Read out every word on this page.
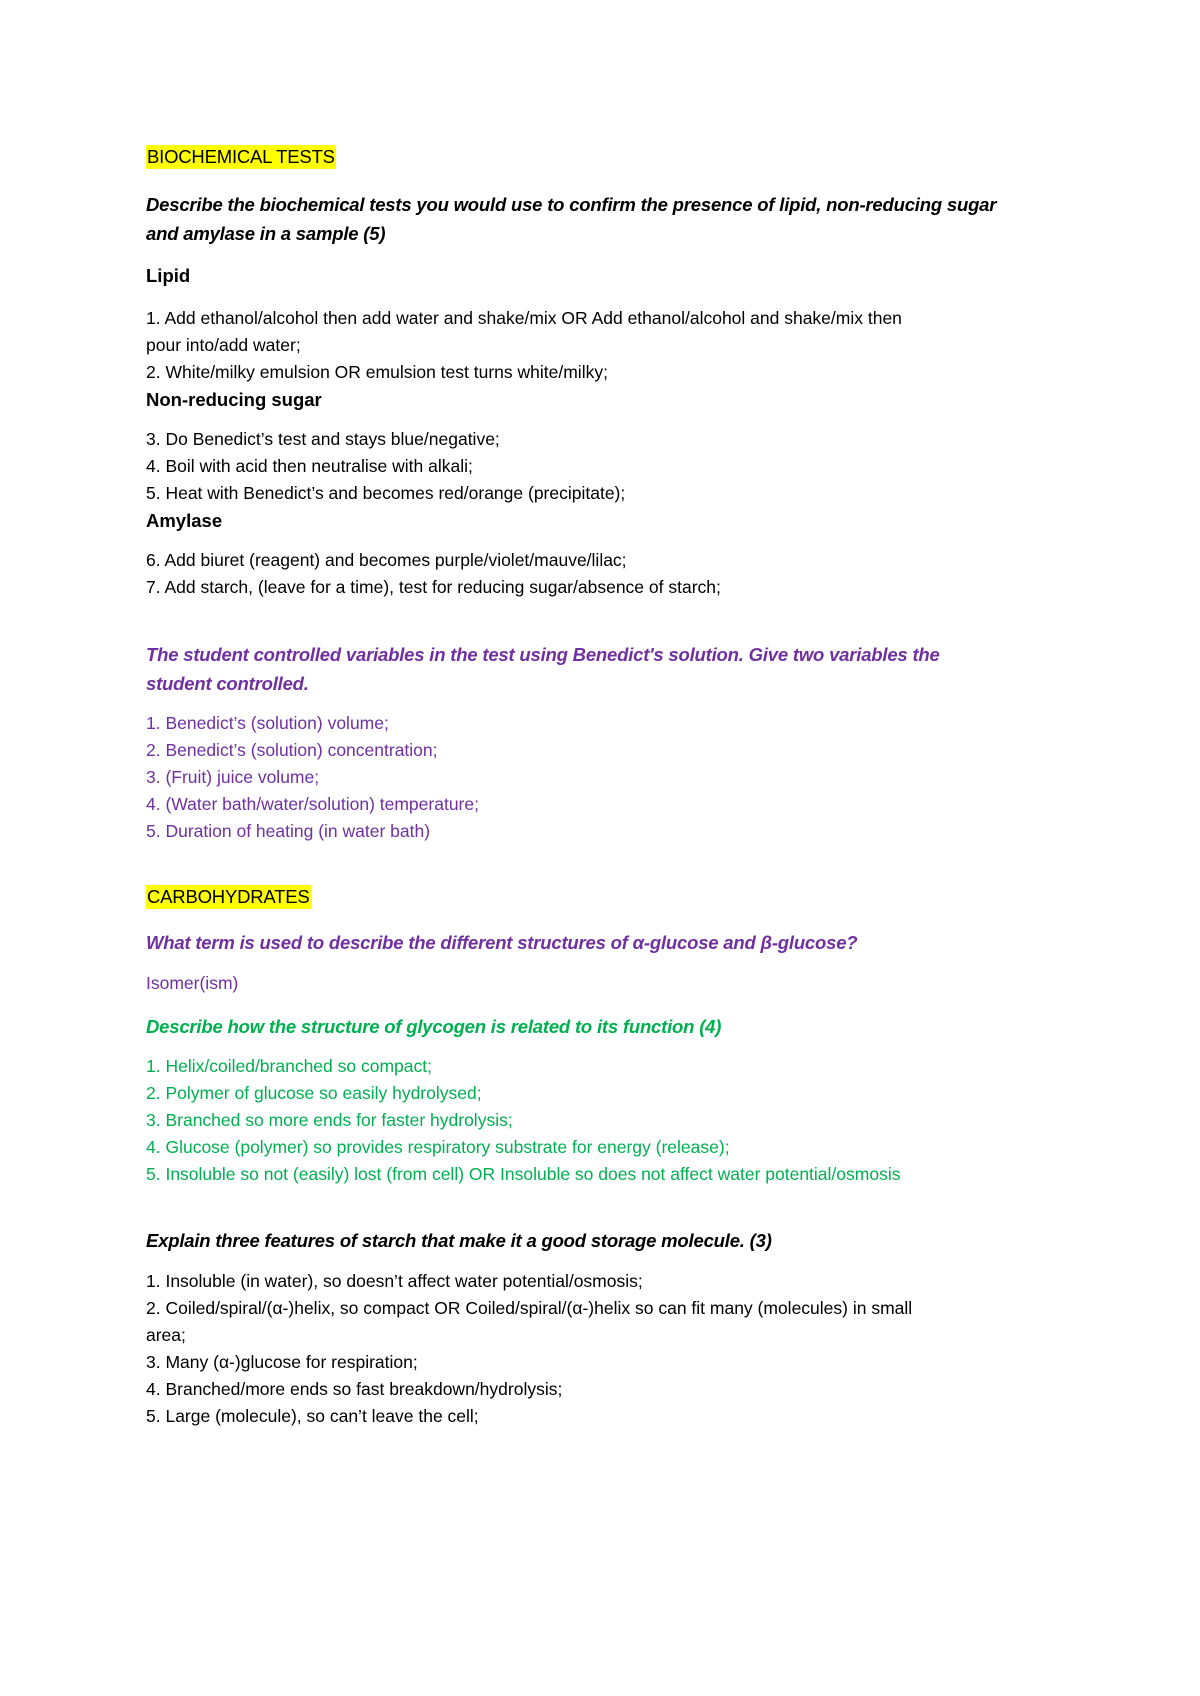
BIOCHEMICAL TESTS
Describe the biochemical tests you would use to confirm the presence of lipid, non-reducing sugar
and amylase in a sample (5)
Lipid
1. Add ethanol/alcohol then add water and shake/mix OR Add ethanol/alcohol and shake/mix then
pour into/add water;
2. White/milky emulsion OR emulsion test turns white/milky;
Non-reducing sugar
3. Do Benedict’s test and stays blue/negative;
4. Boil with acid then neutralise with alkali;
5. Heat with Benedict’s and becomes red/orange (precipitate);
Amylase
6. Add biuret (reagent) and becomes purple/violet/mauve/lilac;
7. Add starch, (leave for a time), test for reducing sugar/absence of starch;
The student controlled variables in the test using Benedict's solution. Give two variables the
student controlled.
1. Benedict’s (solution) volume;
2. Benedict’s (solution) concentration;
3. (Fruit) juice volume;
4. (Water bath/water/solution) temperature;
5. Duration of heating (in water bath)
CARBOHYDRATES
What term is used to describe the different structures of α-glucose and β-glucose?
Isomer(ism)
Describe how the structure of glycogen is related to its function (4)
1. Helix/coiled/branched so compact;
2. Polymer of glucose so easily hydrolysed;
3. Branched so more ends for faster hydrolysis;
4. Glucose (polymer) so provides respiratory substrate for energy (release);
5. Insoluble so not (easily) lost (from cell) OR Insoluble so does not affect water potential/osmosis
Explain three features of starch that make it a good storage molecule. (3)
1. Insoluble (in water), so doesn’t affect water potential/osmosis;
2. Coiled/spiral/(α-)helix, so compact OR Coiled/spiral/(α-)helix so can fit many (molecules) in small
area;
3. Many (α-)glucose for respiration;
4. Branched/more ends so fast breakdown/hydrolysis;
5. Large (molecule), so can’t leave the cell;
